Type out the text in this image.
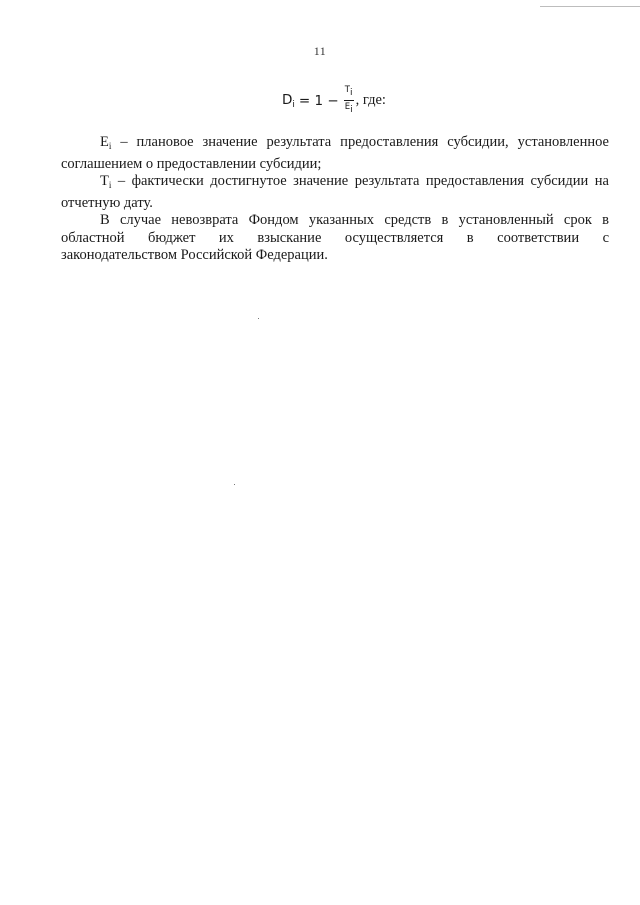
11
$D_i = 1 - \frac{Ti}{Ei}$ , где:

$E_i$ – плановое значение результата предоставления субсидии, установленное соглашением о предоставлении субсидии;

$T_i$ – фактически достигнутое значение результата предоставления субсидии на отчетную дату.

В случае невозврата Фондом указанных средств в установленный срок в областной бюджет их взыскание осуществляется в соответствии с

законодательством Российской Федерации.
